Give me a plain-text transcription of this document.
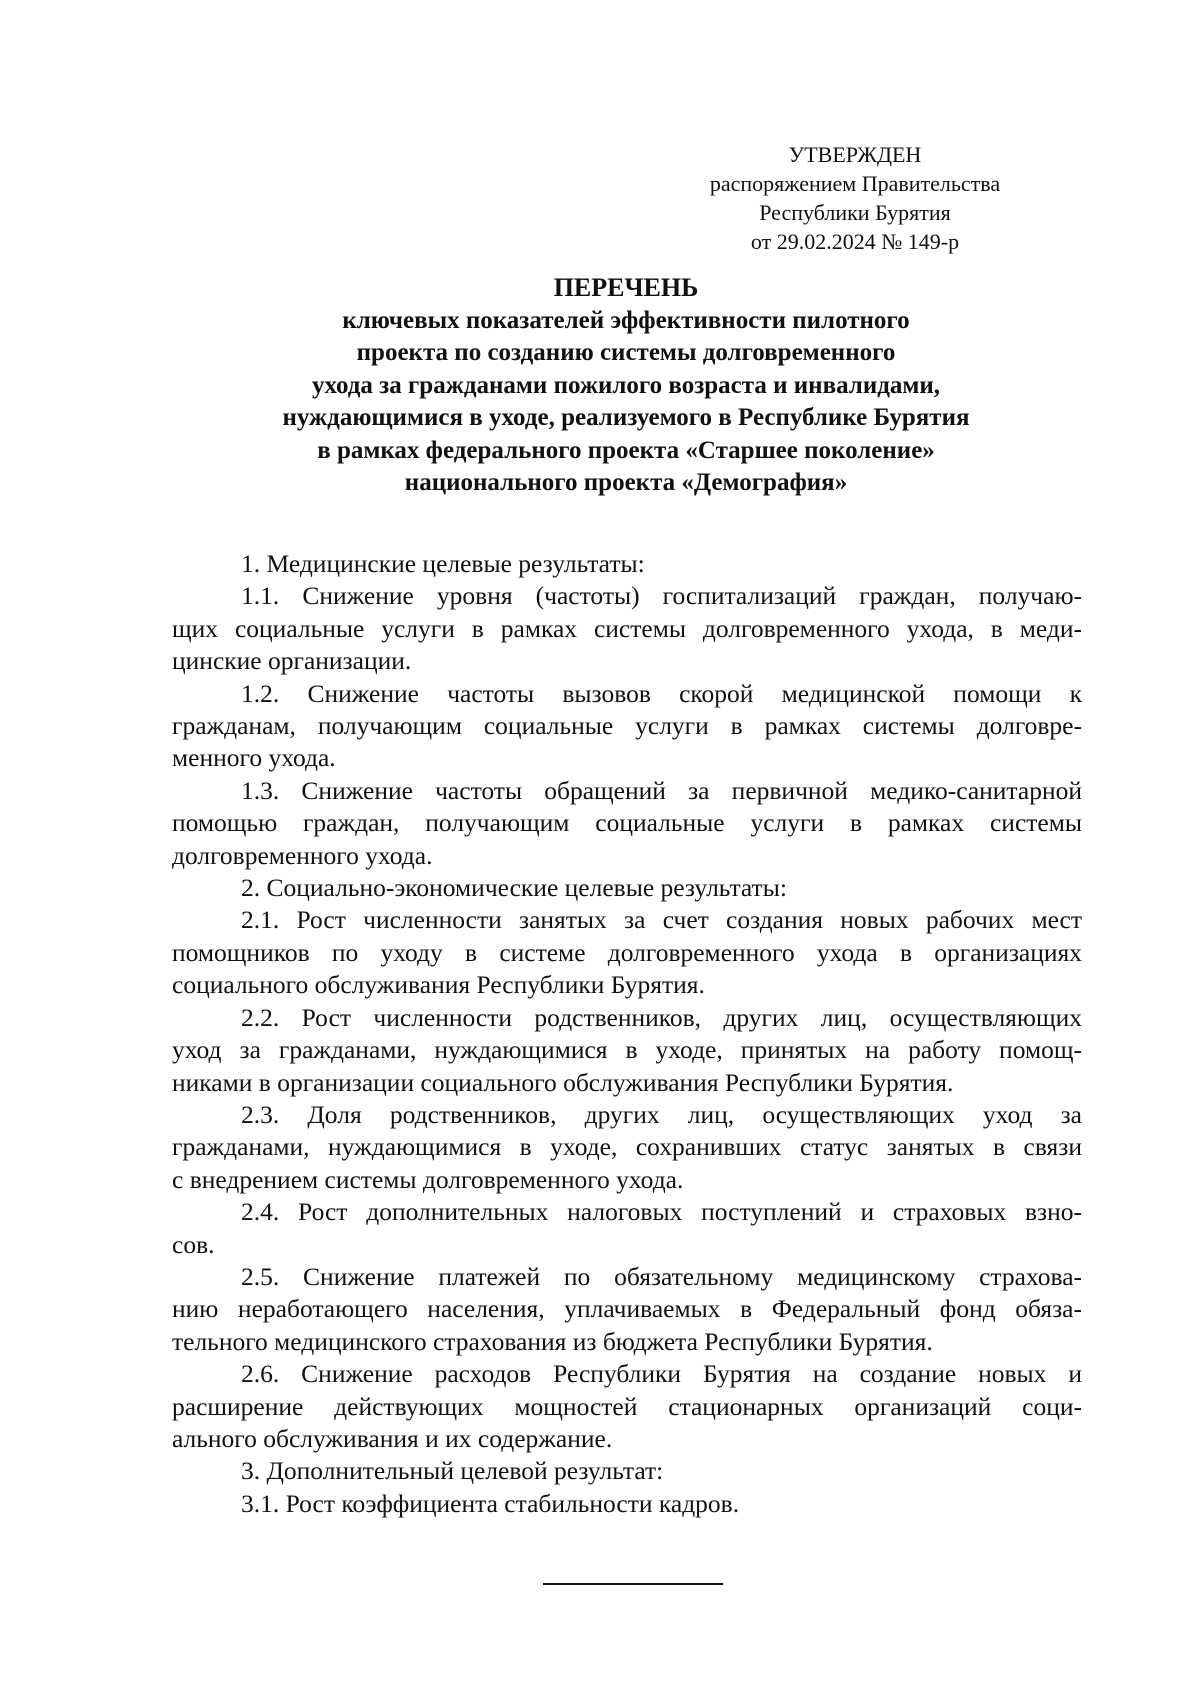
УТВЕРЖДЕН
распоряжением Правительства
Республики Бурятия
от 29.02.2024 № 149-р
ПЕРЕЧЕНЬ
ключевых показателей эффективности пилотного
проекта по созданию системы долговременного
ухода за гражданами пожилого возраста и инвалидами,
нуждающимися в уходе, реализуемого в Республике Бурятия
в рамках федерального проекта «Старшее поколение»
национального проекта «Демография»

1. Медицинские целевые результаты:

1.1. Снижение уровня (частоты) госпитализаций граждан, получаю-
щих социальные услуги в рамках системы долговременного ухода, в меди-
цинские организации.
1.2. Снижение частоты вызовов скорой медицинской помощи к
гражданам, получающим социальные услуги в рамках системы долговре-
менного ухода.
1.3. Снижение частоты обращений за первичной медико-санитарной
помощью граждан, получающим социальные услуги в рамках системы
долговременного ухода.

2. Социально-экономические целевые результаты:

2.1. Рост численности занятых за счет создания новых рабочих мест
помощников по уходу в системе долговременного ухода в организациях
социального обслуживания Республики Бурятия.
2.2. Рост численности родственников, других лиц, осуществляющих
уход за гражданами, нуждающимися в уходе, принятых на работу помощ-
никами в организации социального обслуживания Республики Бурятия.
2.3. Доля родственников, других лиц, осуществляющих уход за
гражданами, нуждающимися в уходе, сохранивших статус занятых в связи
с внедрением системы долговременного ухода.
2.4. Рост дополнительных налоговых поступлений и страховых взно-
сов.
2.5. Снижение платежей по обязательному медицинскому страхова-
нию неработающего населения, уплачиваемых в Федеральный фонд обяза-
тельного медицинского страхования из бюджета Республики Бурятия.
2.6. Снижение расходов Республики Бурятия на создание новых и
расширение действующих мощностей стационарных организаций соци-
ального обслуживания и их содержание.

3. Дополнительный целевой результат:

3.1. Рост коэффициента стабильности кадров.
